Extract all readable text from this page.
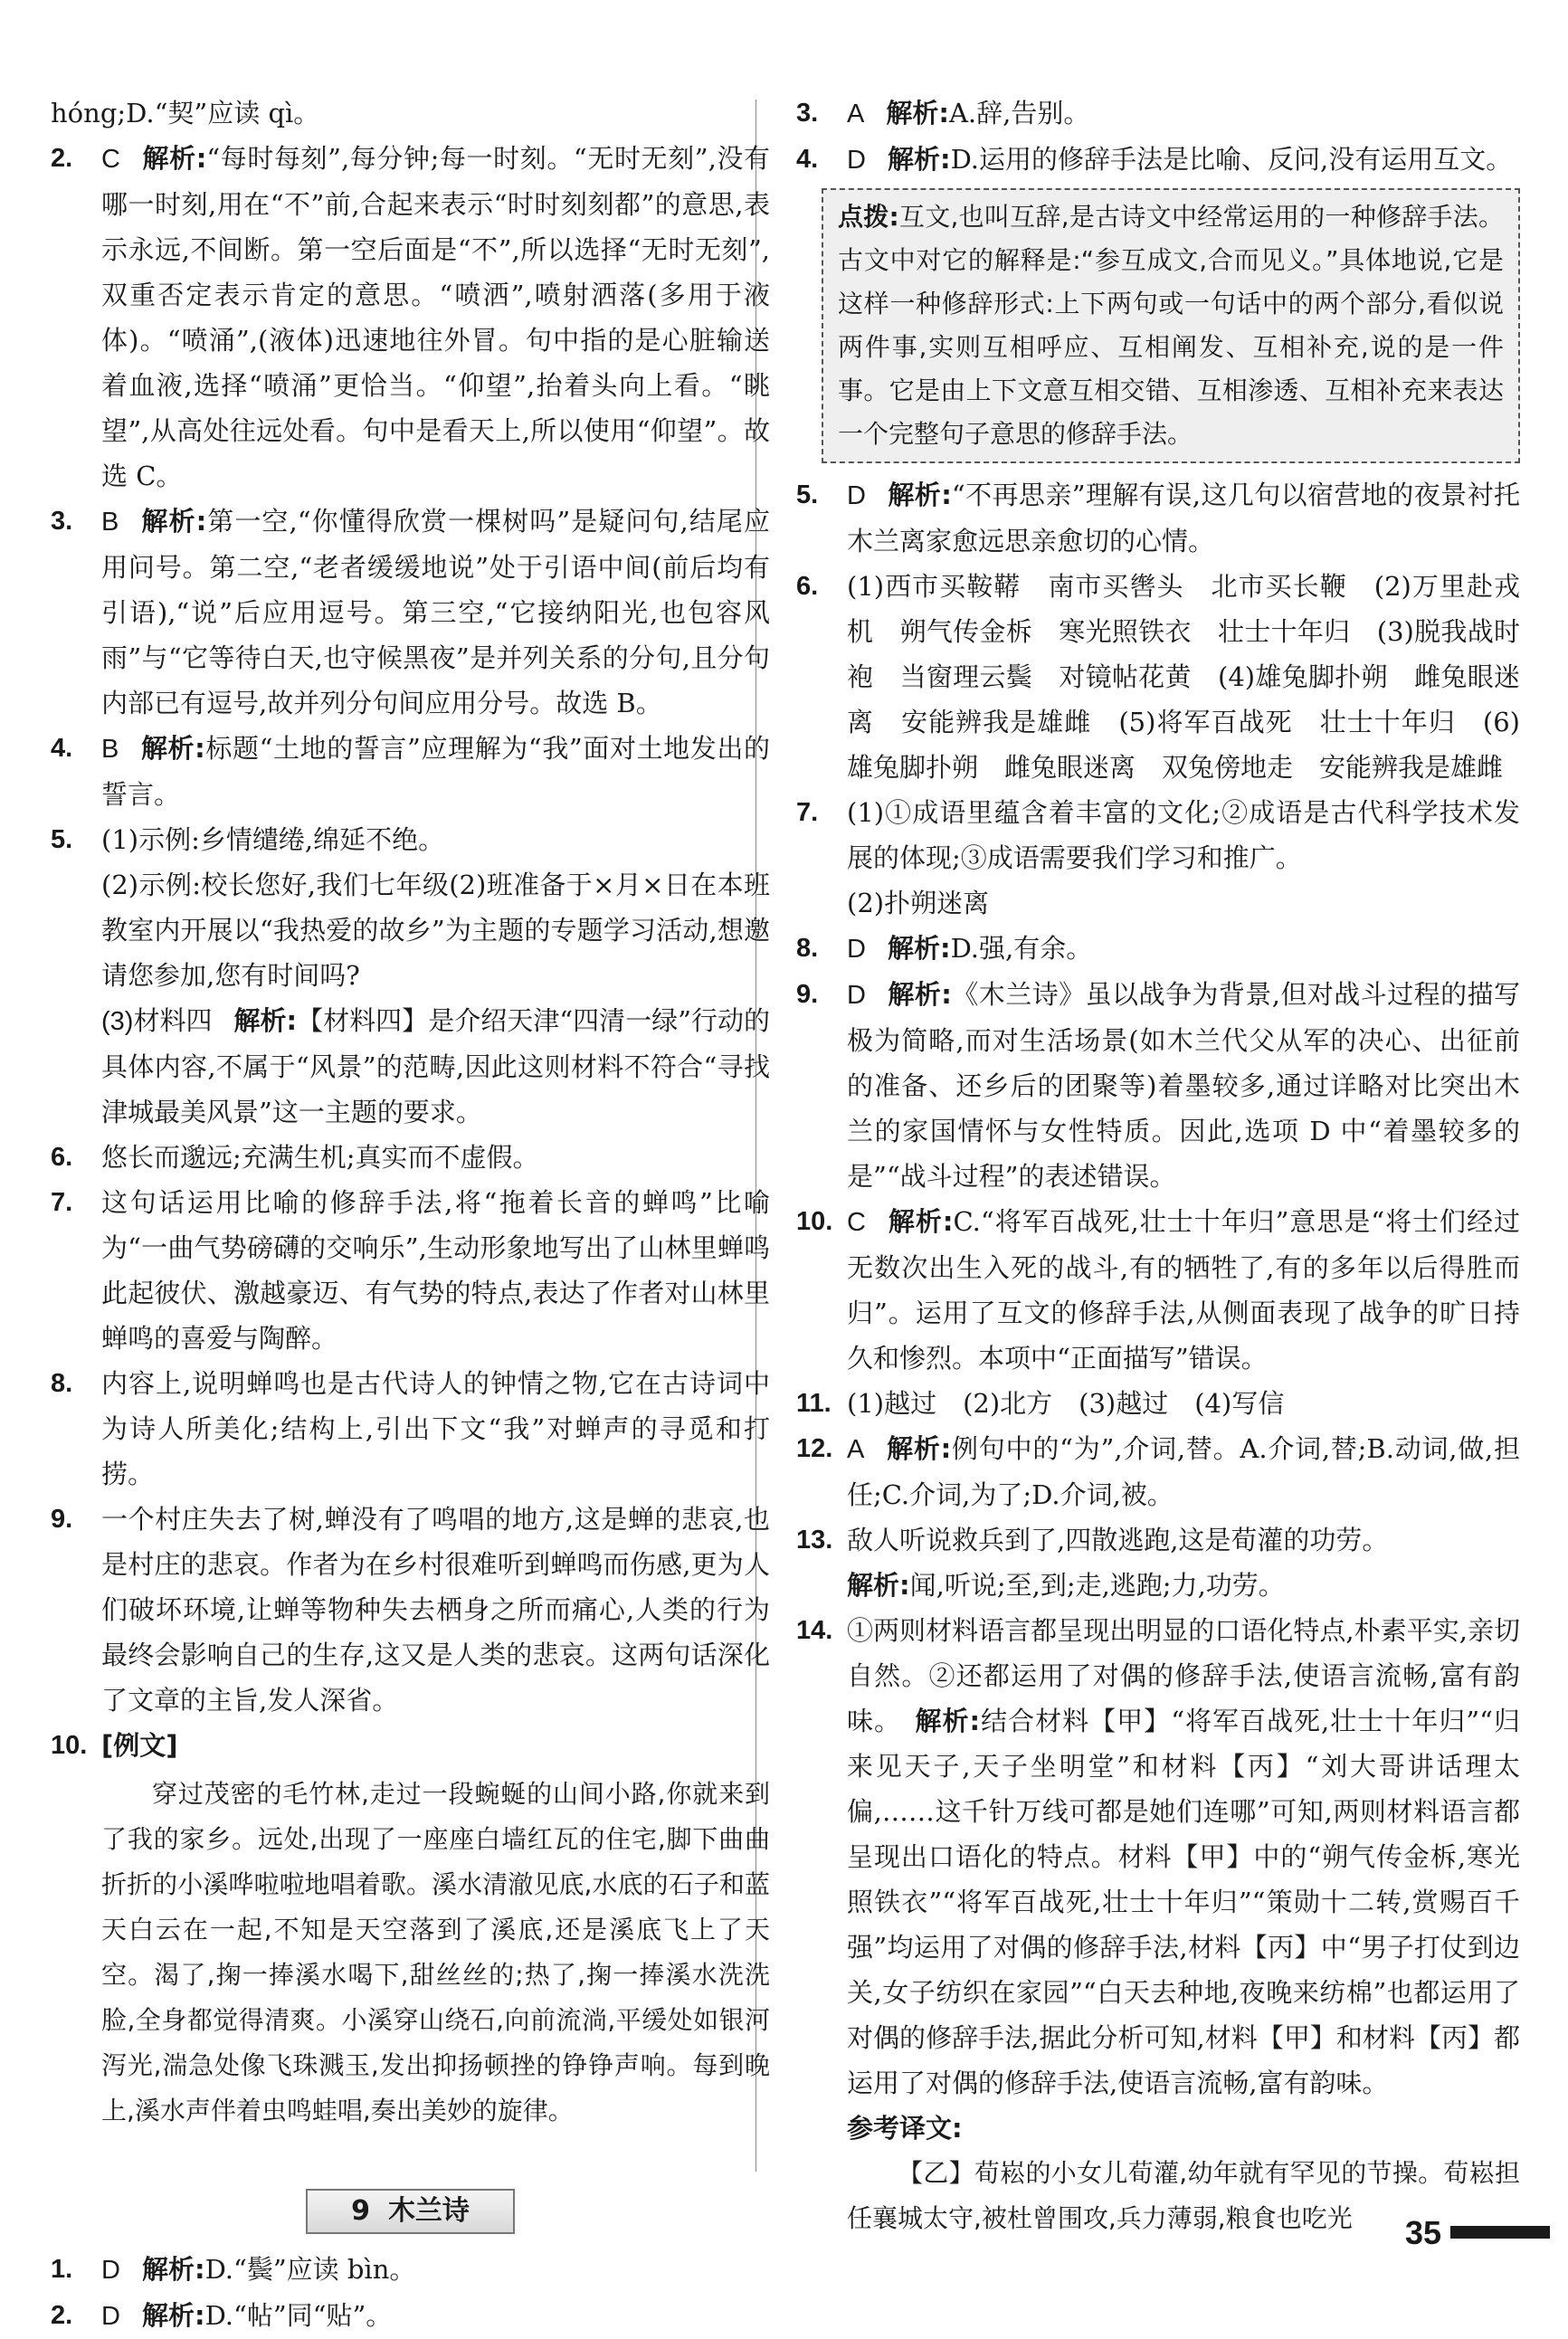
hóng;D.“契”应读 qì。

2. C 解析:“每时每刻”,每分钟;每一时刻。“无时无刻”,没有哪一时刻,用在“不”前,合起来表示“时时刻刻都”的意思,表示永远,不间断。第一空后面是“不”,所以选择“无时无刻”,双重否定表示肯定的意思。“喷洒”,喷射洒落(多用于液体)。“喷涌”,(液体)迅速地往外冒。句中指的是心脏输送着血液,选择“喷涌”更恰当。“仰望”,抬着头向上看。“眺望”,从高处往远处看。句中是看天上,所以使用“仰望”。故选 C。

3. B 解析:第一空,“你懂得欣赏一棵树吗”是疑问句,结尾应用问号。第二空,“老者缓缓地说”处于引语中间(前后均有引语),“说”后应用逗号。第三空,“它接纳阳光,也包容风雨”与“它等待白天,也守候黑夜”是并列关系的分句,且分句内部已有逗号,故并列分句间应用分号。故选 B。

4. B 解析:标题“土地的誓言”应理解为“我”面对土地发出的誓言。

5. (1)示例:乡情缱绻,绵延不绝。
(2)示例:校长您好,我们七年级(2)班准备于×月×日在本班教室内开展以“我热爱的故乡”为主题的专题学习活动,想邀请您参加,您有时间吗?
(3)材料四 解析:【材料四】是介绍天津“四清一绿”行动的具体内容,不属于“风景”的范畴,因此这则材料不符合“寻找津城最美风景”这一主题的要求。

6. 悠长而邈远;充满生机;真实而不虚假。

7. 这句话运用比喻的修辞手法,将“拖着长音的蝉鸣”比喻为“一曲气势磅礴的交响乐”,生动形象地写出了山林里蝉鸣此起彼伏、激越豪迈、有气势的特点,表达了作者对山林里蝉鸣的喜爱与陶醉。

8. 内容上,说明蝉鸣也是古代诗人的钟情之物,它在古诗词中为诗人所美化;结构上,引出下文“我”对蝉声的寻觅和打捞。

9. 一个村庄失去了树,蝉没有了鸣唱的地方,这是蝉的悲哀,也是村庄的悲哀。作者为在乡村很难听到蝉鸣而伤感,更为人们破坏环境,让蝉等物种失去栖身之所而痛心,人类的行为最终会影响自己的生存,这又是人类的悲哀。这两句话深化了文章的主旨,发人深省。

10. [例文]

穿过茂密的毛竹林,走过一段蜿蜒的山间小路,你就来到了我的家乡。远处,出现了一座座白墙红瓦的住宅,脚下曲曲折折的小溪哗啦啦地唱着歌。溪水清澈见底,水底的石子和蓝天白云在一起,不知是天空落到了溪底,还是溪底飞上了天空。渴了,掬一捧溪水喝下,甜丝丝的;热了,掬一捧溪水洗洗脸,全身都觉得清爽。小溪穿山绕石,向前流淌,平缓处如银河泻光,湍急处像飞珠溅玉,发出抑扬顿挫的铮铮声响。每到晚上,溪水声伴着虫鸣蛙唱,奏出美妙的旋律。

9 木兰诗

1. D 解析:D.“鬓”应读 bìn。

2. D 解析:D.“帖”同“贴”。

3. A 解析:A.辞,告别。

4. D 解析:D.运用的修辞手法是比喻、反问,没有运用互文。

点拨:互文,也叫互辞,是古诗文中经常运用的一种修辞手法。古文中对它的解释是:“参互成文,合而见义。”具体地说,它是这样一种修辞形式:上下两句或一句话中的两个部分,看似说两件事,实则互相呼应、互相阐发、互相补充,说的是一件事。它是由上下文意互相交错、互相渗透、互相补充来表达一个完整句子意思的修辞手法。

5. D 解析:“不再思亲”理解有误,这几句以宿营地的夜景衬托木兰离家愈远思亲愈切的心情。

6. (1)西市买鞍鞯　南市买辔头　北市买长鞭　(2)万里赴戎机　朔气传金柝　寒光照铁衣　壮士十年归　(3)脱我战时袍　当窗理云鬓　对镜帖花黄　(4)雄兔脚扑朔　雌兔眼迷离　安能辨我是雄雌　(5)将军百战死　壮士十年归　(6)雄兔脚扑朔　雌兔眼迷离　双兔傍地走　安能辨我是雄雌

7. (1)①成语里蕴含着丰富的文化;②成语是古代科学技术发展的体现;③成语需要我们学习和推广。
(2)扑朔迷离

8. D 解析:D.强,有余。

9. D 解析:《木兰诗》虽以战争为背景,但对战斗过程的描写极为简略,而对生活场景(如木兰代父从军的决心、出征前的准备、还乡后的团聚等)着墨较多,通过详略对比突出木兰的家国情怀与女性特质。因此,选项 D 中“着墨较多的是”“战斗过程”的表述错误。

10. C 解析:C.“将军百战死,壮士十年归”意思是“将士们经过无数次出生入死的战斗,有的牺牲了,有的多年以后得胜而归”。运用了互文的修辞手法,从侧面表现了战争的旷日持久和惨烈。本项中“正面描写”错误。

11. (1)越过　(2)北方　(3)越过　(4)写信

12. A 解析:例句中的“为”,介词,替。A.介词,替;B.动词,做,担任;C.介词,为了;D.介词,被。

13. 敌人听说救兵到了,四散逃跑,这是荀灌的功劳。
解析:闻,听说;至,到;走,逃跑;力,功劳。

14. ①两则材料语言都呈现出明显的口语化特点,朴素平实,亲切自然。②还都运用了对偶的修辞手法,使语言流畅,富有韵味。　 解析:结合材料【甲】“将军百战死,壮士十年归”“归来见天子,天子坐明堂”和材料【丙】“刘大哥讲话理太偏,……这千针万线可都是她们连哪”可知,两则材料语言都呈现出口语化的特点。材料【甲】中的“朔气传金柝,寒光照铁衣”“将军百战死,壮士十年归”“策勋十二转,赏赐百千强”均运用了对偶的修辞手法,材料【丙】中“男子打仗到边关,女子纺织在家园”“白天去种地,夜晚来纺棉”也都运用了对偶的修辞手法,据此分析可知,材料【甲】和材料【丙】都运用了对偶的修辞手法,使语言流畅,富有韵味。

参考译文:

【乙】荀崧的小女儿荀灌,幼年就有罕见的节操。荀崧担任襄城太守,被杜曾围攻,兵力薄弱,粮食也吃光	35
